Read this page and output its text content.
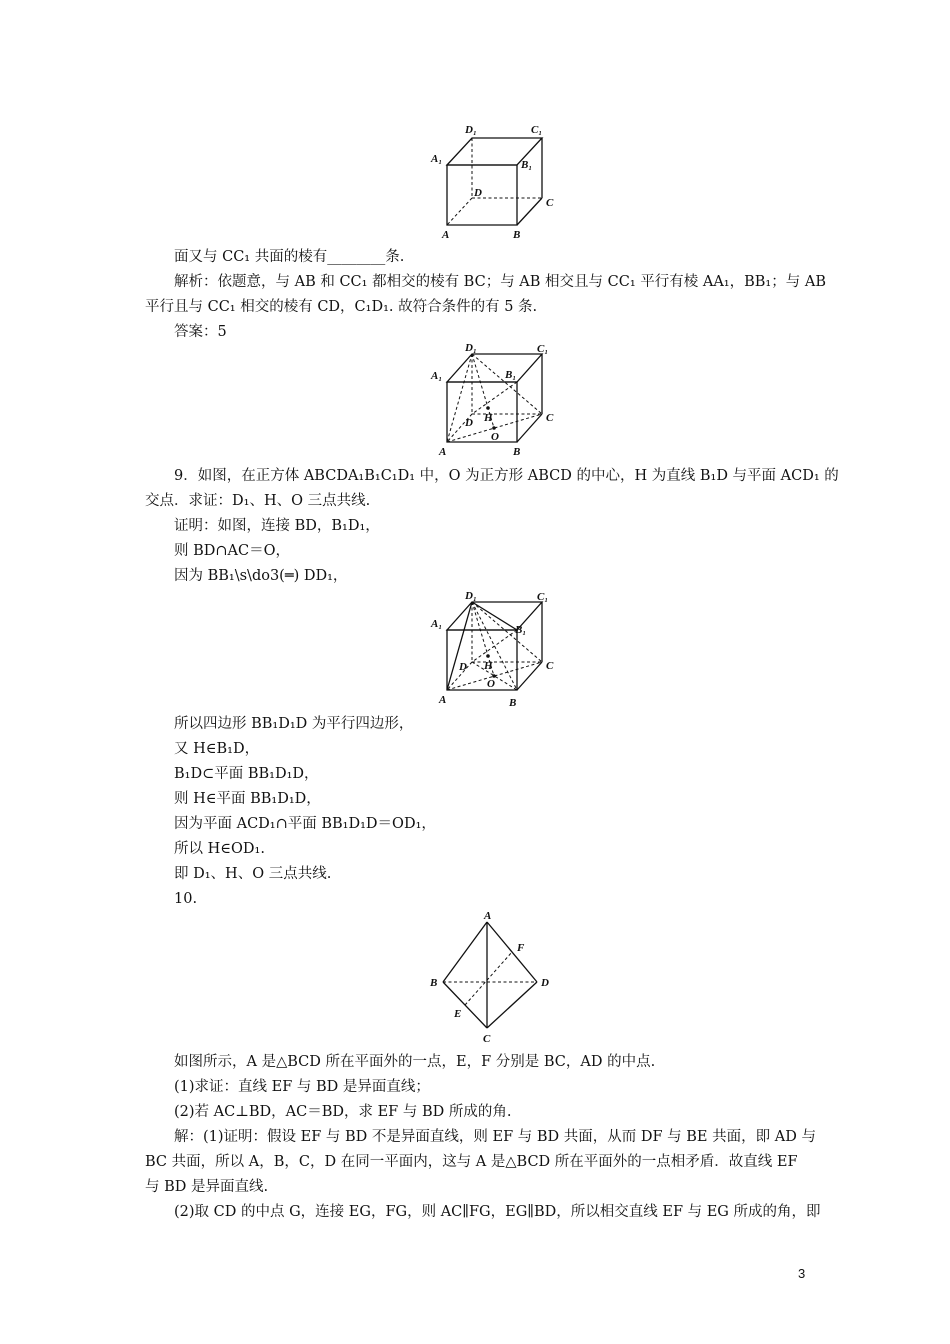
D₁	C₁
A₁	B₁
D
C
A	B
面又与 CC₁ 共面的棱有________条.
解析：依题意，与 AB 和 CC₁ 都相交的棱有 BC；与 AB 相交且与 CC₁ 平行有棱 AA₁，BB₁；与 AB
平行且与 CC₁ 相交的棱有 CD，C₁D₁. 故符合条件的有 5 条.
答案：5
D₁	C₁
A₁	B₁
H
D
O
C
A	B
9．如图，在正方体 ABCDA₁B₁C₁D₁ 中，O 为正方形 ABCD 的中心，H 为直线 B₁D 与平面 ACD₁ 的
交点．求证：D₁、H、O 三点共线.
证明：如图，连接 BD，B₁D₁，
则 BD∩AC＝O，
因为 BB₁\s\do3(═) DD₁，
D₁	C₁
A₁	B₁
H
D
O
C
A	B
所以四边形 BB₁D₁D 为平行四边形，
又 H∈B₁D，
B₁D⊂平面 BB₁D₁D，
则 H∈平面 BB₁D₁D，
因为平面 ACD₁∩平面 BB₁D₁D＝OD₁，
所以 H∈OD₁.
即 D₁、H、O 三点共线.
10.
A
F
B	D
E
C
如图所示，A 是△BCD 所在平面外的一点，E，F 分别是 BC，AD 的中点.
(1)求证：直线 EF 与 BD 是异面直线；
(2)若 AC⊥BD，AC＝BD，求 EF 与 BD 所成的角.
解：(1)证明：假设 EF 与 BD 不是异面直线，则 EF 与 BD 共面，从而 DF 与 BE 共面，即 AD 与
BC 共面，所以 A，B，C，D 在同一平面内，这与 A 是△BCD 所在平面外的一点相矛盾．故直线 EF
与 BD 是异面直线.
(2)取 CD 的中点 G，连接 EG，FG，则 AC∥FG，EG∥BD，所以相交直线 EF 与 EG 所成的角，即
3
